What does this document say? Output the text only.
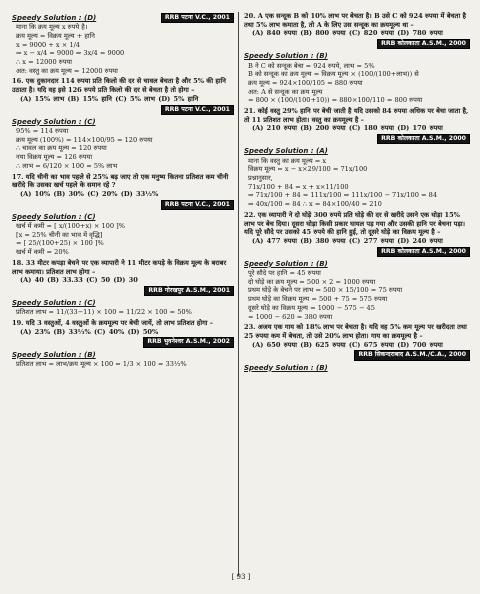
RRB पटना V.C., 2001
Speedy Solution : (D)
माना कि क्रय मूल्य x रुपये है।
क्रय मूल्य = विक्रय मूल्य + हानि
x = 9000 + x × 1/4
⇒ x − x/4 = 9000 ⇒ 3x/4 = 9000
∴ x = 12000 रुपया
अत: वस्तु का क्रय मूल्य = 12000 रुपया
16. एक दुकानदार 114 रुपया प्रति किलो की दर से चावल बेचता है और 5% की हानि उठाता है। यदि वह इसे 126 रुपये प्रति किलो की दर से बेचता है तो होगा –
(A) 15% लाभ (B) 15% हानि (C) 5% लाभ (D) 5% हानि
RRB पटना V.C., 2001
Speedy Solution : (C)
95% = 114 रुपया
क्रय मूल्य (100%) = 114×100/95 = 120 रुपया
∴ चावल का क्रय मूल्य = 120 रुपया
नया विक्रय मूल्य = 126 रुपया
∴ लाभ = 6/120 × 100 = 5% लाभ
17. यदि चीनी का भाव पहले से 25% बढ़ जाए तो एक मनुष्य कितना प्रतिशत कम चीनी खरीदे कि उसका खर्च पहले के समान रहे ?
(A) 10% (B) 30% (C) 20% (D) 33½%
RRB पटना V.C., 2001
Speedy Solution : (C)
खर्च में कमी = [ x/(100+x) × 100 ]%
[x = 25% चीनी का भाव में वृद्धि]
= [ 25/(100+25) × 100 ]%
खर्च में कमी = 20%
18. 33 मीटर कपड़ा बेचने पर एक व्यापारी ने 11 मीटर कपड़े के विक्रय मूल्य के बराबर लाभ कमाया। प्रतिशत लाभ होगा –
(A) 40 (B) 33.33 (C) 50 (D) 30
RRB गोरखपुर A.S.M., 2001
Speedy Solution : (C)
प्रतिशत लाभ = 11/(33−11) × 100 = 11/22 × 100 = 50%
19. यदि 3 वस्तुओं, 4 वस्तुओं के क्रयमूल्य पर बेची जायें, तो लाभ प्रतिशत होगा –
(A) 23% (B) 33⅓% (C) 40% (D) 50%
RRB भुवनेश्वर A.S.M., 2002
Speedy Solution : (B)
प्रतिशत लाभ = लाभ/क्रय मूल्य × 100 = 1/3 × 100 = 33⅓%
20. A एक सन्दूक B को 10% लाभ पर बेचता है। B उसे C को 924 रुपया में बेचता है तथा 5% लाभ कमाता है, तो A के लिए उस सन्दूक का क्रयमूल्य था –
(A) 840 रुपया (B) 800 रुपया (C) 820 रुपया (D) 780 रुपया
RRB कोलकाता A.S.M., 2000
Speedy Solution : (B)
B ने C को सन्दूक बेचा = 924 रुपये, लाभ = 5%
B को सन्दूक का क्रय मूल्य = विक्रय मूल्य × (100/(100+लाभ)) से
क्रय मूल्य = 924×100/105 = 880 रुपया
अत: A से सन्दूक का क्रय मूल्य
= 800 × (100/(100+10)) = 880×100/110 = 800 रुपया
21. कोई वस्तु 29% हानि पर बेची जाती है यदि उसको 84 रुपया अधिक पर बेचा जाता है, तो 11 प्रतिशत लाभ होता। वस्तु का क्रयमूल्य है –
(A) 210 रुपया (B) 200 रुपया (C) 180 रुपया (D) 170 रुपया
RRB कोलकाता A.S.M., 2000
Speedy Solution : (A)
माना कि वस्तु का क्रय मूल्य = x
विक्रय मूल्य = x − x×29/100 = 71x/100
प्रश्नानुसार,
71x/100 + 84 = x + x×11/100
⇒ 71x/100 + 84 = 111x/100 ⇒ 111x/100 − 71x/100 = 84
⇒ 40x/100 = 84 ∴ x = 84×100/40 = 210
22. एक व्यापारी ने दो घोड़े 300 रुपये प्रति घोड़े की दर से खरीदे उसने एक घोड़ा 15% लाभ पर बेच दिया। दूसरा घोड़ा किसी प्रकार घायल पड़ गया और उसकी हानि पर बेचना पड़ा। यदि पूरे सौदे पर उसको 45 रुपये की हानि हुई, तो दूसरे घोड़े का विक्रय मूल्य है –
(A) 477 रुपया (B) 380 रुपया (C) 277 रुपया (D) 240 रुपया
RRB कोलकाता A.S.M., 2000
Speedy Solution : (B)
पूरे सौदे पर हानि = 45 रुपया
दो घोड़े का क्रय मूल्य = 500 × 2 = 1000 रुपया
प्रथम घोड़े के बेचने पर लाभ = 500 × 15/100 = 75 रुपया
प्रथम घोड़े का विक्रय मूल्य = 500 + 75 = 575 रुपया
दूसरे घोड़े का विक्रय मूल्य = 1000 − 575 − 45
= 1000 − 620 = 380 रुपया
23. अजय एक गाय को 18% लाभ पर बेचता है। यदि वह 5% कम मूल्य पर खरीदता तथा 25 रुपया कम में बेचता, तो उसे 20% लाभ होता। गाय का क्रयमूल्य है –
(A) 650 रुपया (B) 625 रुपया (C) 675 रुपया (D) 700 रुपया
RRB सिकन्दराबाद A.S.M./C.A., 2000
Speedy Solution : (B)
[ 93 ]
